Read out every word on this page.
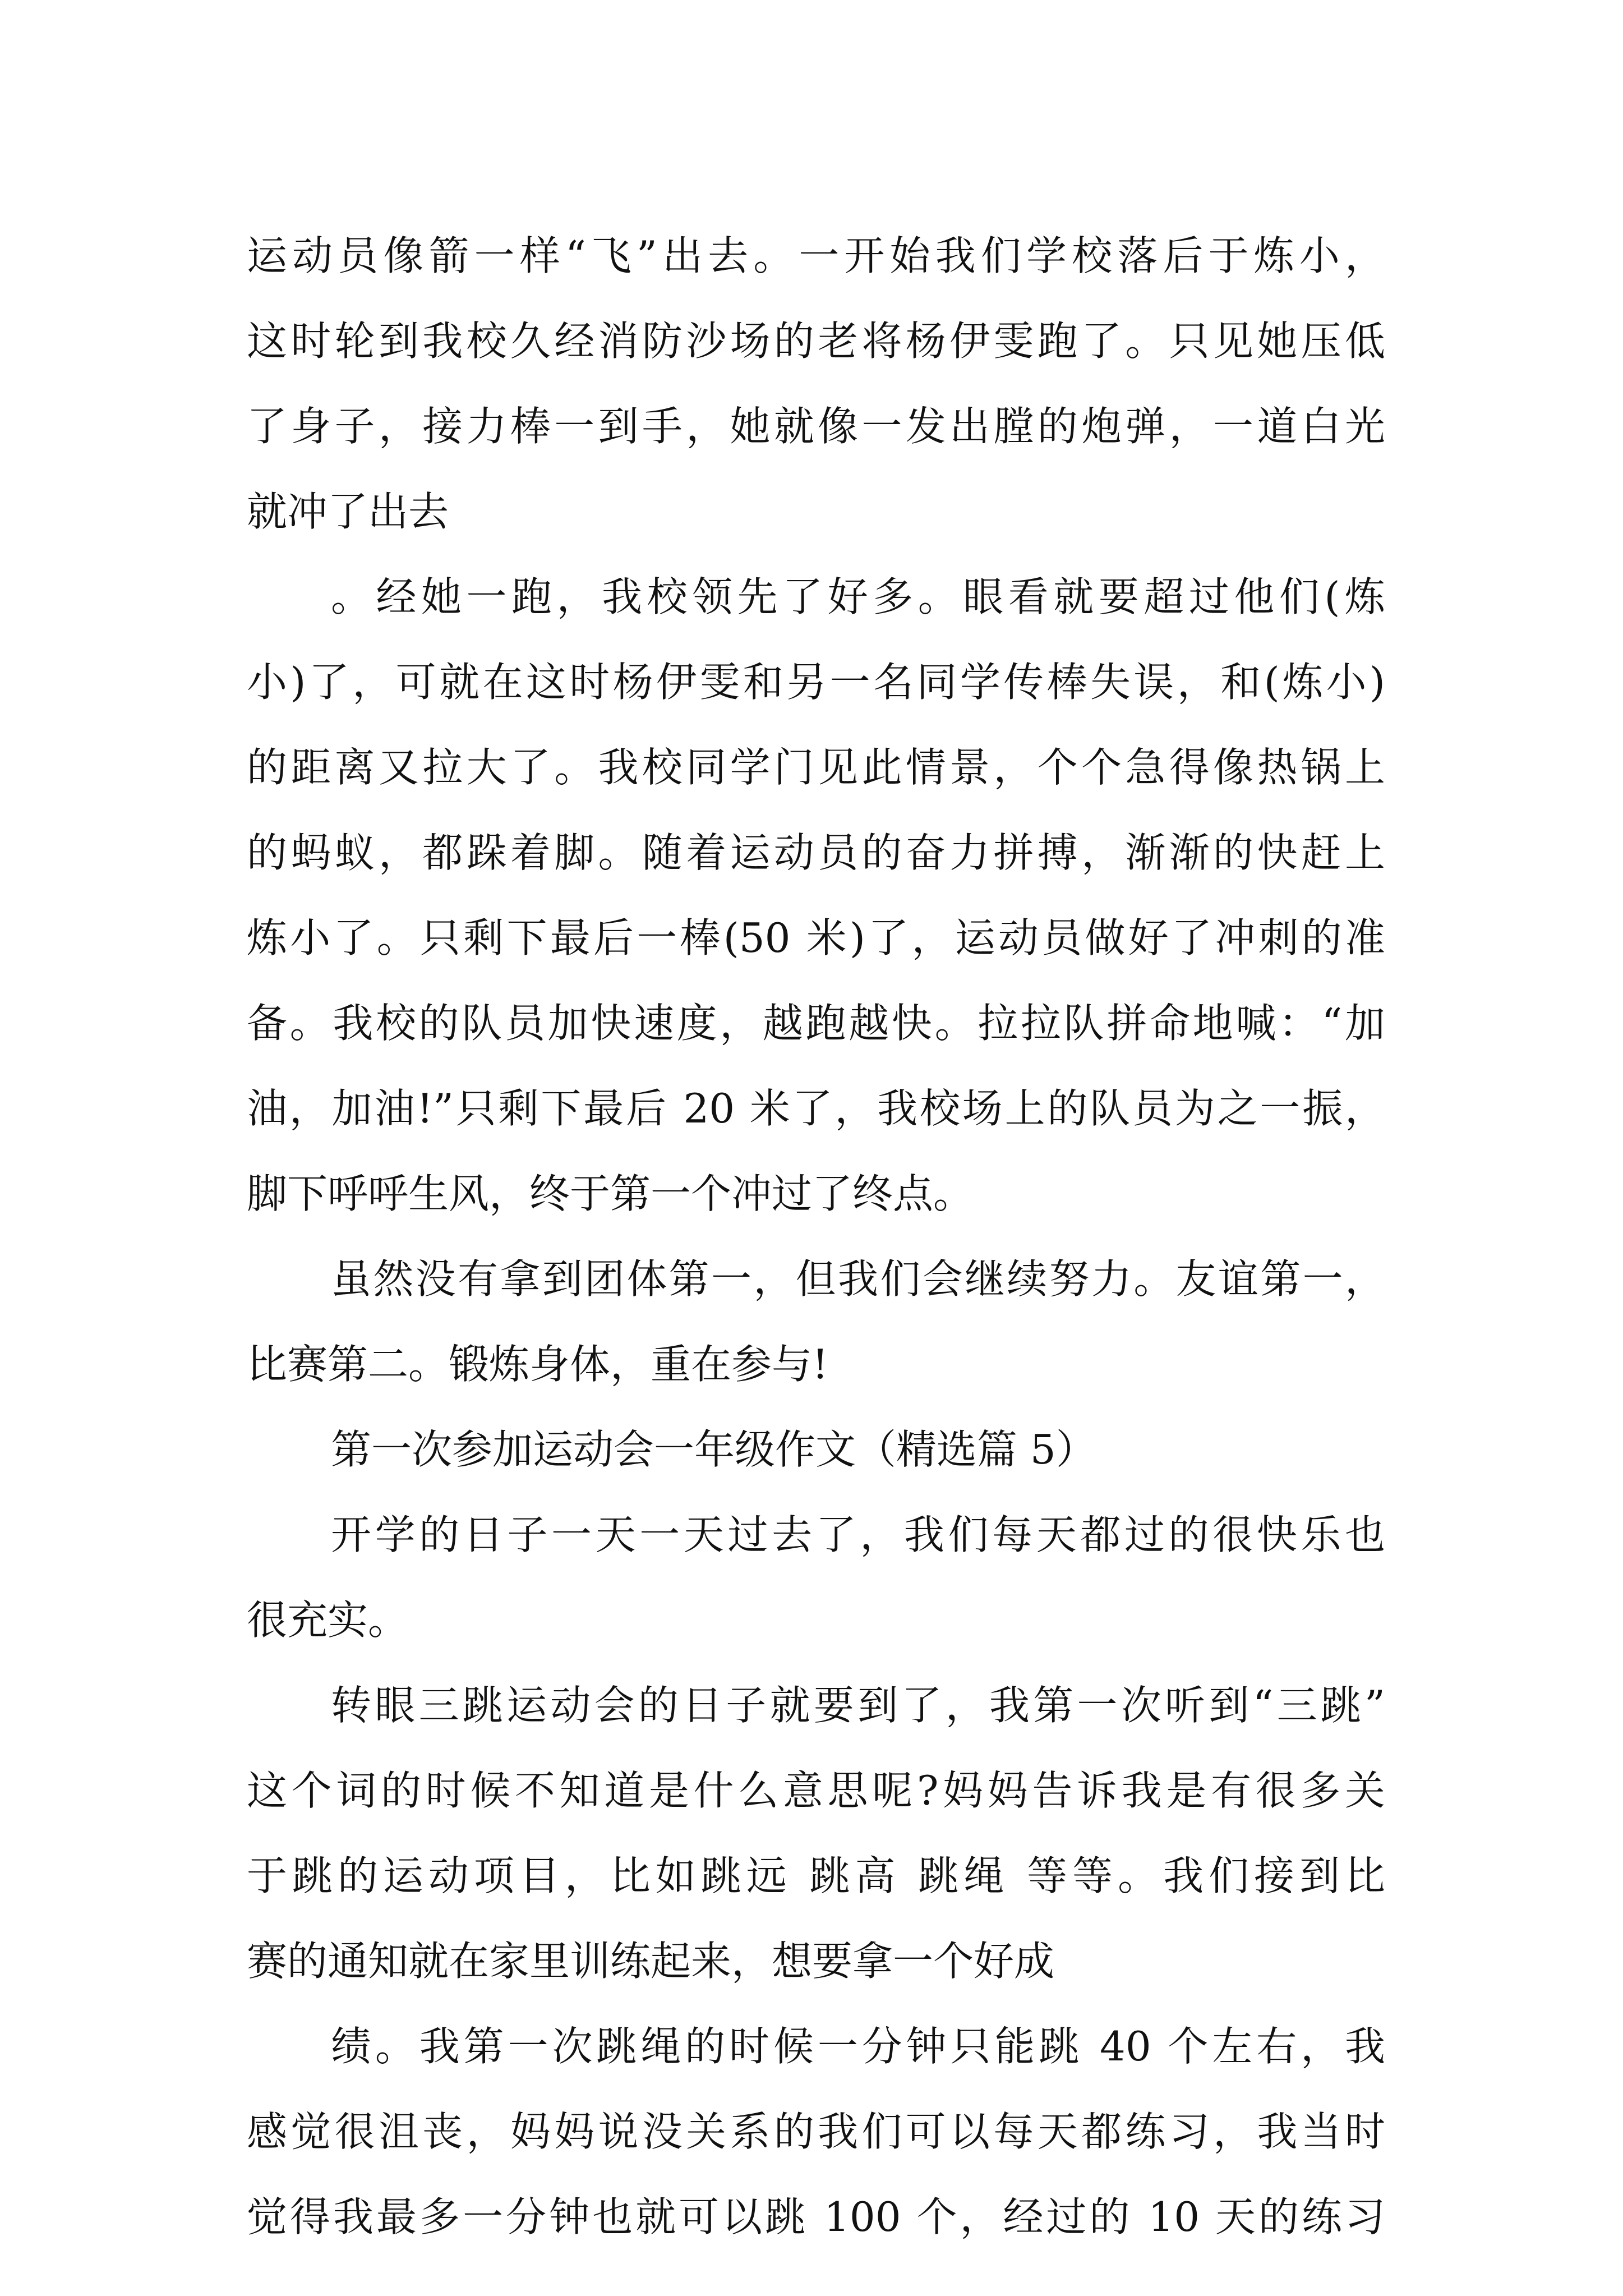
运动员像箭一样“飞”出去。一开始我们学校落后于炼小，
这时轮到我校久经消防沙场的老将杨伊雯跑了。只见她压低
了身子，接力棒一到手，她就像一发出膛的炮弹，一道白光
就冲了出去
。经她一跑，我校领先了好多。眼看就要超过他们(炼
小)了，可就在这时杨伊雯和另一名同学传棒失误，和(炼小)
的距离又拉大了。我校同学门见此情景，个个急得像热锅上
的蚂蚁，都跺着脚。随着运动员的奋力拼搏，渐渐的快赶上
炼小了。只剩下最后一棒(50 米)了，运动员做好了冲刺的准
备。我校的队员加快速度，越跑越快。拉拉队拼命地喊：“加
油，加油!”只剩下最后 20 米了，我校场上的队员为之一振，
脚下呼呼生风，终于第一个冲过了终点。
虽然没有拿到团体第一，但我们会继续努力。友谊第一，
比赛第二。锻炼身体，重在参与!
第一次参加运动会一年级作文（精选篇 5）
开学的日子一天一天过去了，我们每天都过的很快乐也
很充实。
转眼三跳运动会的日子就要到了，我第一次听到“三跳”
这个词的时候不知道是什么意思呢?妈妈告诉我是有很多关
于跳的运动项目，比如跳远 跳高 跳绳 等等。我们接到比
赛的通知就在家里训练起来，想要拿一个好成
绩。我第一次跳绳的时候一分钟只能跳 40 个左右，我
感觉很沮丧，妈妈说没关系的我们可以每天都练习，我当时
觉得我最多一分钟也就可以跳 100 个，经过的 10 天的练习
